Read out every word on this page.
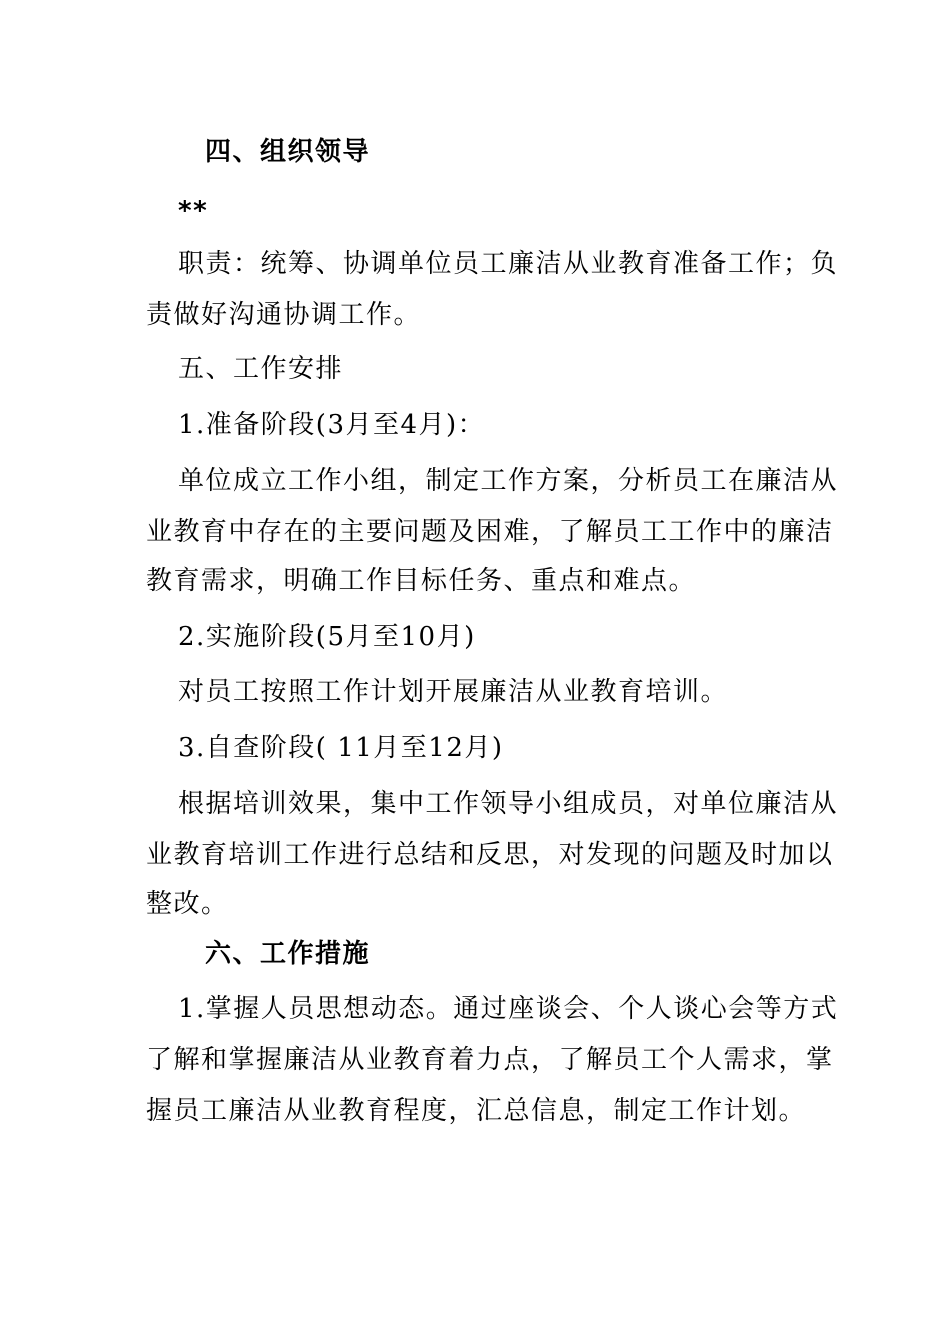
四、组织领导
**
职责：统筹、协调单位员工廉洁从业教育准备工作；负
责做好沟通协调工作。
五、工作安排
1.准备阶段(3月至4月)：
单位成立工作小组，制定工作方案，分析员工在廉洁从
业教育中存在的主要问题及困难，了解员工工作中的廉洁
教育需求，明确工作目标任务、重点和难点。
2.实施阶段(5月至10月)
对员工按照工作计划开展廉洁从业教育培训。
3.自查阶段( 11月至12月)
根据培训效果，集中工作领导小组成员，对单位廉洁从
业教育培训工作进行总结和反思，对发现的问题及时加以
整改。
六、工作措施
1.掌握人员思想动态。通过座谈会、个人谈心会等方式
了解和掌握廉洁从业教育着力点，了解员工个人需求，掌
握员工廉洁从业教育程度，汇总信息，制定工作计划。
